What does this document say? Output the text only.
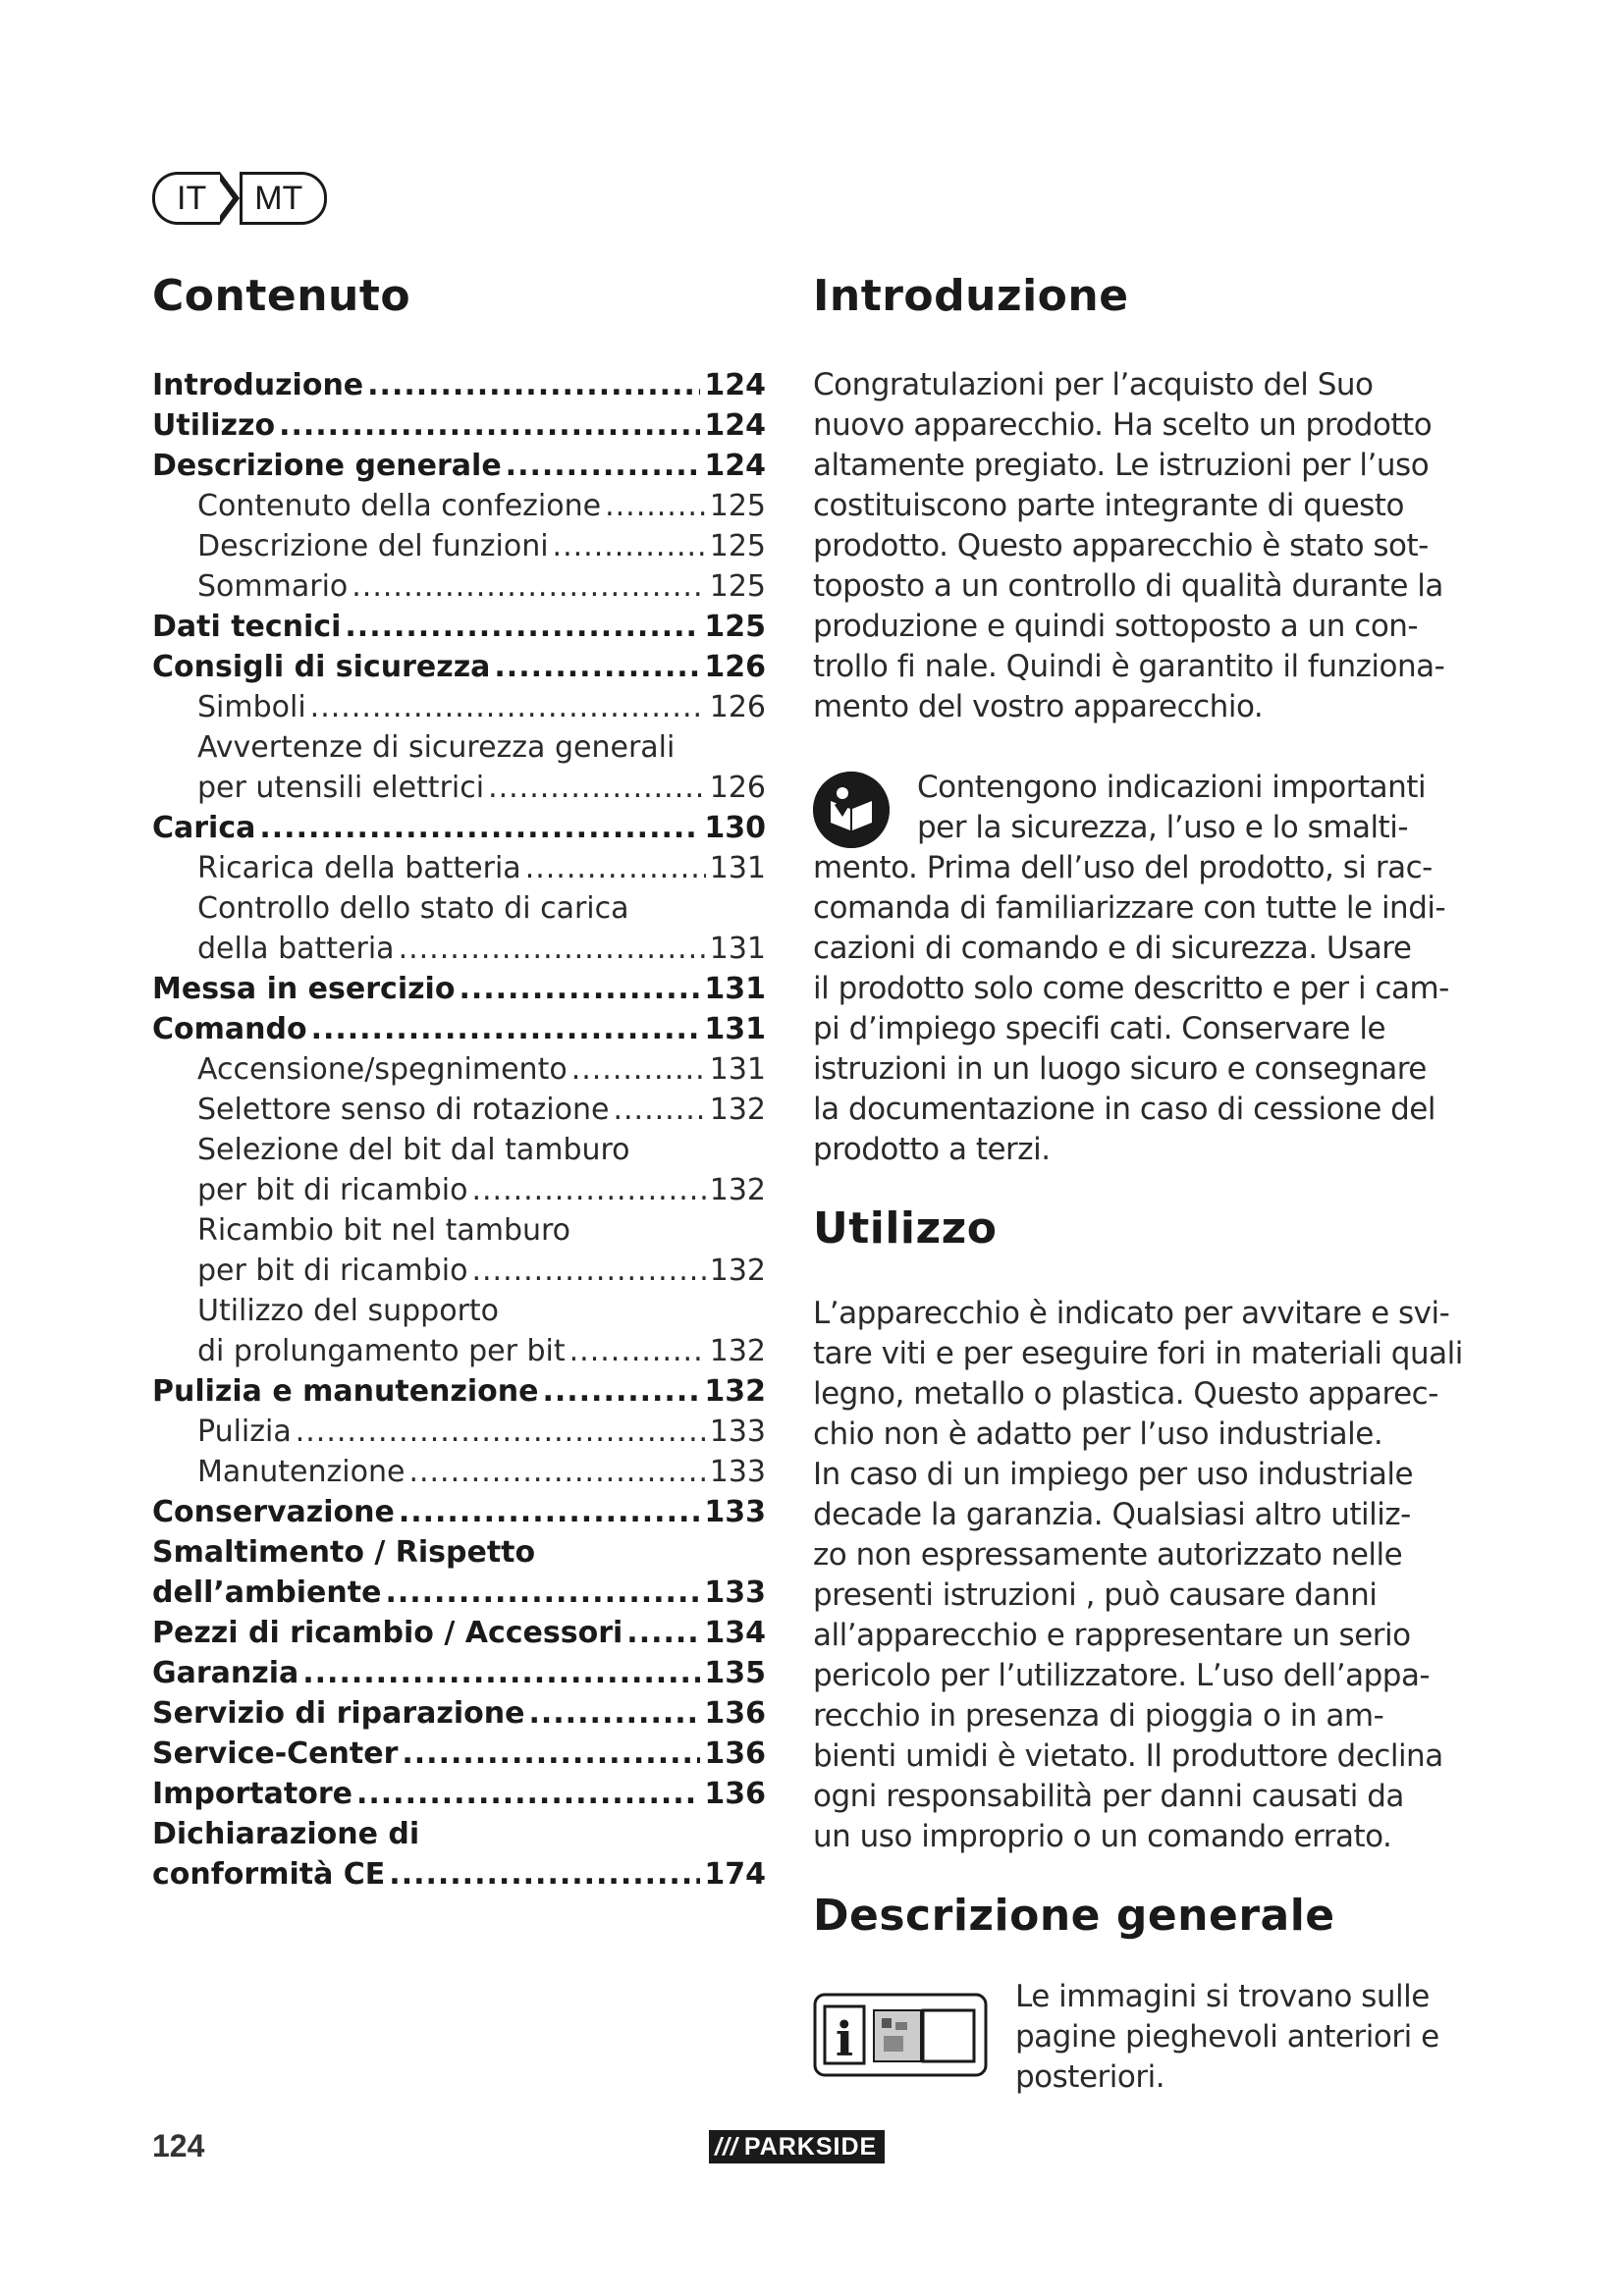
IT	MT
Contenuto
Introduzione .....	124
Utilizzo .....	124
Descrizione generale .....	124
Contenuto della confezione .....	125
Descrizione del funzioni .....	125
Sommario .....	125
Dati tecnici .....	125
Consigli di sicurezza .....	126
Simboli .....	126
Avvertenze di sicurezza generali
per utensili elettrici .....	126
Carica .....	130
Ricarica della batteria .....	131
Controllo dello stato di carica
della batteria .....	131
Messa in esercizio .....	131
Comando .....	131
Accensione/spegnimento .....	131
Selettore senso di rotazione .....	132
Selezione del bit dal tamburo
per bit di ricambio .....	132
Ricambio bit nel tamburo
per bit di ricambio .....	132
Utilizzo del supporto
di prolungamento per bit .....	132
Pulizia e manutenzione .....	132
Pulizia .....	133
Manutenzione .....	133
Conservazione .....	133
Smaltimento / Rispetto
dell’ambiente .....	133
Pezzi di ricambio / Accessori .....	134
Garanzia .....	135
Servizio di riparazione .....	136
Service-Center .....	136
Importatore .....	136
Dichiarazione di
conformità CE .....	174
Introduzione
Congratulazioni per l’acquisto del Suo
nuovo apparecchio. Ha scelto un prodotto
altamente pregiato. Le istruzioni per l’uso
costituiscono parte integrante di questo
prodotto. Questo apparecchio è stato sot-
toposto a un controllo di qualità durante la
produzione e quindi sottoposto a un con-
trollo fi nale. Quindi è garantito il funziona-
mento del vostro apparecchio.
Contengono indicazioni importanti
per la sicurezza, l’uso e lo smalti-
mento. Prima dell’uso del prodotto, si rac-
comanda di familiarizzare con tutte le indi-
cazioni di comando e di sicurezza. Usare
il prodotto solo come descritto e per i cam-
pi d’impiego specifi cati. Conservare le
istruzioni in un luogo sicuro e consegnare
la documentazione in caso di cessione del
prodotto a terzi.
Utilizzo
L’apparecchio è indicato per avvitare e svi-
tare viti e per eseguire fori in materiali quali
legno, metallo o plastica. Questo apparec-
chio non è adatto per l’uso industriale.
In caso di un impiego per uso industriale
decade la garanzia. Qualsiasi altro utiliz-
zo non espressamente autorizzato nelle
presenti istruzioni , può causare danni
all’apparecchio e rappresentare un serio
pericolo per l’utilizzatore. L’uso dell’appa-
recchio in presenza di pioggia o in am-
bienti umidi è vietato. Il produttore declina
ogni responsabilità per danni causati da
un uso improprio o un comando errato.
Descrizione generale
i
Le immagini si trovano sulle
pagine pieghevoli anteriori e
posteriori.
124	/// PARKSIDE
